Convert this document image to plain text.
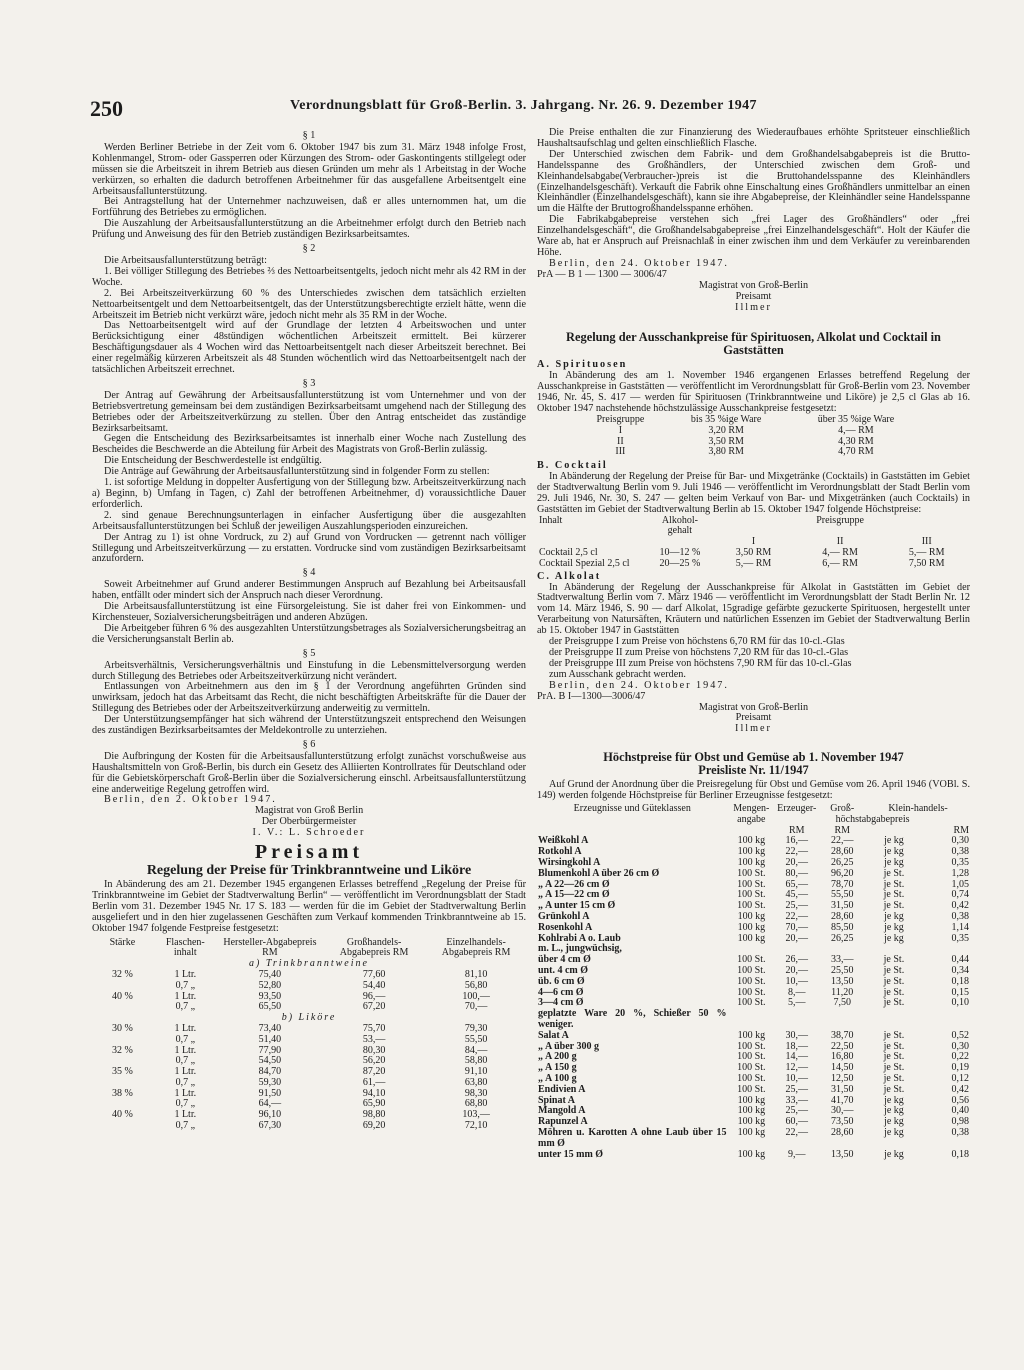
250	Verordnungsblatt für Groß-Berlin. 3. Jahrgang. Nr. 26. 9. Dezember 1947
§ 1

Werden Berliner Betriebe in der Zeit vom 6. Oktober 1947 bis zum 31. März 1948 infolge Frost, Kohlenmangel, Strom- oder Gassperren oder Kürzungen des Strom- oder Gaskontingents stillgelegt oder müssen sie die Arbeitszeit in ihrem Betrieb aus diesen Gründen um mehr als 1 Arbeitstag in der Woche verkürzen, so erhalten die dadurch betroffenen Arbeitnehmer für das ausgefallene Arbeitsentgelt eine Arbeitsausfallunterstützung.

Bei Antragstellung hat der Unternehmer nachzuweisen, daß er alles unternommen hat, um die Fortführung des Betriebes zu ermöglichen.

Die Auszahlung der Arbeitsausfallunterstützung an die Arbeitnehmer erfolgt durch den Betrieb nach Prüfung und Anweisung des für den Betrieb zuständigen Bezirksarbeitsamtes.

§ 2

Die Arbeitsausfallunterstützung beträgt:

1. Bei völliger Stillegung des Betriebes ⅔ des Nettoarbeitsentgelts, jedoch nicht mehr als 42 RM in der Woche.

2. Bei Arbeitszeitverkürzung 60 % des Unterschiedes zwischen dem tatsächlich erzielten Nettoarbeitsentgelt und dem Nettoarbeitsentgelt, das der Unterstützungsberechtigte erzielt hätte, wenn die Arbeitszeit im Betrieb nicht verkürzt wäre, jedoch nicht mehr als 35 RM in der Woche.

Das Nettoarbeitsentgelt wird auf der Grundlage der letzten 4 Arbeitswochen und unter Berücksichtigung einer 48stündigen wöchentlichen Arbeitszeit ermittelt. Bei kürzerer Beschäftigungsdauer als 4 Wochen wird das Nettoarbeitsentgelt nach dieser Arbeitszeit berechnet. Bei einer regelmäßig kürzeren Arbeitszeit als 48 Stunden wöchentlich wird das Nettoarbeitsentgelt nach der tatsächlichen Arbeitszeit errechnet.

§ 3

Der Antrag auf Gewährung der Arbeitsausfallunterstützung ist vom Unternehmer und von der Betriebsvertretung gemeinsam bei dem zuständigen Bezirksarbeitsamt umgehend nach der Stillegung des Betriebes oder der Arbeitszeitverkürzung zu stellen. Über den Antrag entscheidet das zuständige Bezirksarbeitsamt.

Gegen die Entscheidung des Bezirksarbeitsamtes ist innerhalb einer Woche nach Zustellung des Bescheides die Beschwerde an die Abteilung für Arbeit des Magistrats von Groß-Berlin zulässig.

Die Entscheidung der Beschwerdestelle ist endgültig.

Die Anträge auf Gewährung der Arbeitsausfallunterstützung sind in folgender Form zu stellen:

1. ist sofortige Meldung in doppelter Ausfertigung von der Stillegung bzw. Arbeitszeitverkürzung nach a) Beginn, b) Umfang in Tagen, c) Zahl der betroffenen Arbeitnehmer, d) voraussichtliche Dauer erforderlich.

2. sind genaue Berechnungsunterlagen in einfacher Ausfertigung über die ausgezahlten Arbeitsausfallunterstützungen bei Schluß der jeweiligen Auszahlungsperioden einzureichen.

Der Antrag zu 1) ist ohne Vordruck, zu 2) auf Grund von Vordrucken — getrennt nach völliger Stillegung und Arbeitszeitverkürzung — zu erstatten. Vordrucke sind vom zuständigen Bezirksarbeitsamt anzufordern.

§ 4

Soweit Arbeitnehmer auf Grund anderer Bestimmungen Anspruch auf Bezahlung bei Arbeitsausfall haben, entfällt oder mindert sich der Anspruch nach dieser Verordnung.

Die Arbeitsausfallunterstützung ist eine Fürsorgeleistung. Sie ist daher frei von Einkommen- und Kirchensteuer, Sozialversicherungsbeiträgen und anderen Abzügen.

Die Arbeitgeber führen 6 % des ausgezahlten Unterstützungsbetrages als Sozialversicherungsbeitrag an die Versicherungsanstalt Berlin ab.

§ 5

Arbeitsverhältnis, Versicherungsverhältnis und Einstufung in die Lebensmittelversorgung werden durch Stillegung des Betriebes oder Arbeitszeitverkürzung nicht verändert.

Entlassungen von Arbeitnehmern aus den im § 1 der Verordnung angeführten Gründen sind unwirksam, jedoch hat das Arbeitsamt das Recht, die nicht beschäftigten Arbeitskräfte für die Dauer der Stillegung des Betriebes oder der Arbeitszeitverkürzung anderweitig zu vermitteln.

Der Unterstützungsempfänger hat sich während der Unterstützungszeit entsprechend den Weisungen des zuständigen Bezirksarbeitsamtes der Meldekontrolle zu unterziehen.

§ 6

Die Aufbringung der Kosten für die Arbeitsausfallunterstützung erfolgt zunächst vorschußweise aus Haushaltsmitteln von Groß-Berlin, bis durch ein Gesetz des Alliierten Kontrollrates für Deutschland oder für die Gebietskörperschaft Groß-Berlin über die Sozialversicherung einschl. Arbeitsausfallunterstützung eine anderweitige Regelung getroffen wird.

Berlin, den 2. Oktober 1947.

Magistrat von Groß Berlin
Der Oberbürgermeister
I. V.: L. Schroeder
Preisamt
Regelung der Preise für Trinkbranntweine und Liköre

In Abänderung des am 21. Dezember 1945 ergangenen Erlasses betreffend „Regelung der Preise für Trinkbranntweine im Gebiet der Stadtverwaltung Berlin“ — veröffentlicht im Verordnungsblatt der Stadt Berlin vom 31. Dezember 1945 Nr. 17 S. 183 — werden für die im Gebiet der Stadtverwaltung Berlin ausgeliefert und in den hier zugelassenen Geschäften zum Verkauf kommenden Trinkbranntweine ab 15. Oktober 1947 folgende Festpreise festgesetzt:

Stärke	Flaschen-inhalt	Hersteller-Abgabepreis RM	Großhandels-Abgabepreis RM	Einzelhandels-Abgabepreis RM
a) Trinkbranntweine				
32 %	1 Ltr.	75,40	77,60	81,10
	0,7 „	52,80	54,40	56,80
40 %	1 Ltr.	93,50	96,—	100,—
	0,7 „	65,50	67,20	70,—
b) Liköre				
30 %	1 Ltr.	73,40	75,70	79,30
	0,7 „	51,40	53,—	55,50
32 %	1 Ltr.	77,90	80,30	84,—
	0,7 „	54,50	56,20	58,80
35 %	1 Ltr.	84,70	87,20	91,10
	0,7 „	59,30	61,—	63,80
38 %	1 Ltr.	91,50	94,10	98,30
	0,7 „	64,—	65,90	68,80
40 %	1 Ltr.	96,10	98,80	103,—
	0,7 „	67,30	69,20	72,10

Die Preise enthalten die zur Finanzierung des Wiederaufbaues erhöhte Spritsteuer einschließlich Haushaltsaufschlag und gelten einschließlich Flasche.

Der Unterschied zwischen dem Fabrik- und dem Großhandelsabgabepreis ist die Brutto-Handelsspanne des Großhändlers, der Unterschied zwischen dem Groß- und Kleinhandelsabgabe(Verbraucher-)preis ist die Bruttohandelsspanne des Kleinhändlers (Einzelhandelsgeschäft). Verkauft die Fabrik ohne Einschaltung eines Großhändlers unmittelbar an einen Kleinhändler (Einzelhandelsgeschäft), kann sie ihre Abgabepreise, der Kleinhändler seine Handelsspanne um die Hälfte der Bruttogroßhandelsspanne erhöhen.

Die Fabrikabgabepreise verstehen sich „frei Lager des Großhändlers“ oder „frei Einzelhandelsgeschäft“, die Großhandelsabgabepreise „frei Einzelhandelsgeschäft“. Holt der Käufer die Ware ab, hat er Anspruch auf Preisnachlaß in einer zwischen ihm und dem Verkäufer zu vereinbarenden Höhe.

Berlin, den 24. Oktober 1947.

PrA — B 1 — 1300 — 3006/47

Magistrat von Groß-Berlin
Preisamt
Illmer
Regelung der Ausschankpreise für Spirituosen, Alkolat und Cocktail in Gaststätten

A. Spirituosen

In Abänderung des am 1. November 1946 ergangenen Erlasses betreffend Regelung der Ausschankpreise in Gaststätten — veröffentlicht im Verordnungsblatt für Groß-Berlin vom 23. November 1946, Nr. 45, S. 417 — werden für Spirituosen (Trinkbranntweine und Liköre) je 2,5 cl Glas ab 16. Oktober 1947 nachstehende höchstzulässige Ausschankpreise festgesetzt:

Preisgruppe	bis 35 %ige Ware	über 35 %ige Ware
I	3,20 RM	4,— RM
II	3,50 RM	4,30 RM
III	3,80 RM	4,70 RM

B. Cocktail

In Abänderung der Regelung der Preise für Bar- und Mixgetränke (Cocktails) in Gaststätten im Gebiet der Stadtverwaltung Berlin vom 9. Juli 1946 — veröffentlicht im Verordnungsblatt der Stadt Berlin vom 29. Juli 1946, Nr. 30, S. 247 — gelten beim Verkauf von Bar- und Mixgetränken (auch Cocktails) in Gaststätten im Gebiet der Stadtverwaltung Berlin ab 15. Oktober 1947 folgende Höchstpreise:

Inhalt	Alkohol-gehalt	Preisgruppe		
		I	II	III
Cocktail 2,5 cl	10—12 %	3,50 RM	4,— RM	5,— RM
Cocktail Spezial 2,5 cl	20—25 %	5,— RM	6,— RM	7,50 RM

C. Alkolat

In Abänderung der Regelung der Ausschankpreise für Alkolat in Gaststätten im Gebiet der Stadtverwaltung Berlin vom 7. März 1946 — veröffentlicht im Verordnungsblatt der Stadt Berlin Nr. 12 vom 14. März 1946, S. 90 — darf Alkolat, 15gradige gefärbte gezuckerte Spirituosen, hergestellt unter Verarbeitung von Natursäften, Kräutern und natürlichen Essenzen im Gebiet der Stadtverwaltung Berlin ab 15. Oktober 1947 in Gaststätten

der Preisgruppe I zum Preise von höchstens 6,70 RM für das 10-cl.-Glas

der Preisgruppe II zum Preise von höchstens 7,20 RM für das 10-cl.-Glas

der Preisgruppe III zum Preise von höchstens 7,90 RM für das 10-cl.-Glas

zum Ausschank gebracht werden.

Berlin, den 24. Oktober 1947.

PrA. B I—1300—3006/47

Magistrat von Groß-Berlin
Preisamt
Illmer
Höchstpreise für Obst und Gemüse ab 1. November 1947
Preisliste Nr. 11/1947

Auf Grund der Anordnung über die Preisregelung für Obst und Gemüse vom 26. April 1946 (VOBl. S. 149) werden folgende Höchstpreise für Berliner Erzeugnisse festgesetzt:

Erzeugnisse und Güteklassen	Mengen-angabe	Erzeuger-	Groß-	Klein-handels-	
		höchstabgabepreis			
		RM	RM		RM
Weißkohl A	100 kg	16,—	22,—	je kg	0,30
Rotkohl A	100 kg	22,—	28,60	je kg	0,38
Wirsingkohl A	100 kg	20,—	26,25	je kg	0,35
Blumenkohl A über 26 cm Ø	100 St.	80,—	96,20	je St.	1,28
„ A 22—26 cm Ø	100 St.	65,—	78,70	je St.	1,05
„ A 15—22 cm Ø	100 St.	45,—	55,50	je St.	0,74
„ A unter 15 cm Ø	100 St.	25,—	31,50	je St.	0,42
Grünkohl A	100 kg	22,—	28,60	je kg	0,38
Rosenkohl A	100 kg	70,—	85,50	je kg	1,14
Kohlrabi A o. Laub	100 kg	20,—	26,25	je kg	0,35
m. L., jungwüchsig,					
über 4 cm Ø	100 St.	26,—	33,—	je St.	0,44
unt. 4 cm Ø	100 St.	20,—	25,50	je St.	0,34
üb. 6 cm Ø	100 St.	10,—	13,50	je St.	0,18
4—6 cm Ø	100 St.	8,—	11,20	je St.	0,15
3—4 cm Ø	100 St.	5,—	7,50	je St.	0,10
geplatzte Ware 20 %, Schießer 50 % weniger.					
Salat A	100 kg	30,—	38,70	je St.	0,52
„ A über 300 g	100 St.	18,—	22,50	je St.	0,30
„ A 200 g	100 St.	14,—	16,80	je St.	0,22
„ A 150 g	100 St.	12,—	14,50	je St.	0,19
„ A 100 g	100 St.	10,—	12,50	je St.	0,12
Endivien A	100 St.	25,—	31,50	je St.	0,42
Spinat A	100 kg	33,—	41,70	je kg	0,56
Mangold A	100 kg	25,—	30,—	je kg	0,40
Rapunzel A	100 kg	60,—	73,50	je kg	0,98
Möhren u. Karotten A ohne Laub über 15 mm Ø	100 kg	22,—	28,60	je kg	0,38
unter 15 mm Ø	100 kg	9,—	13,50	je kg	0,18
